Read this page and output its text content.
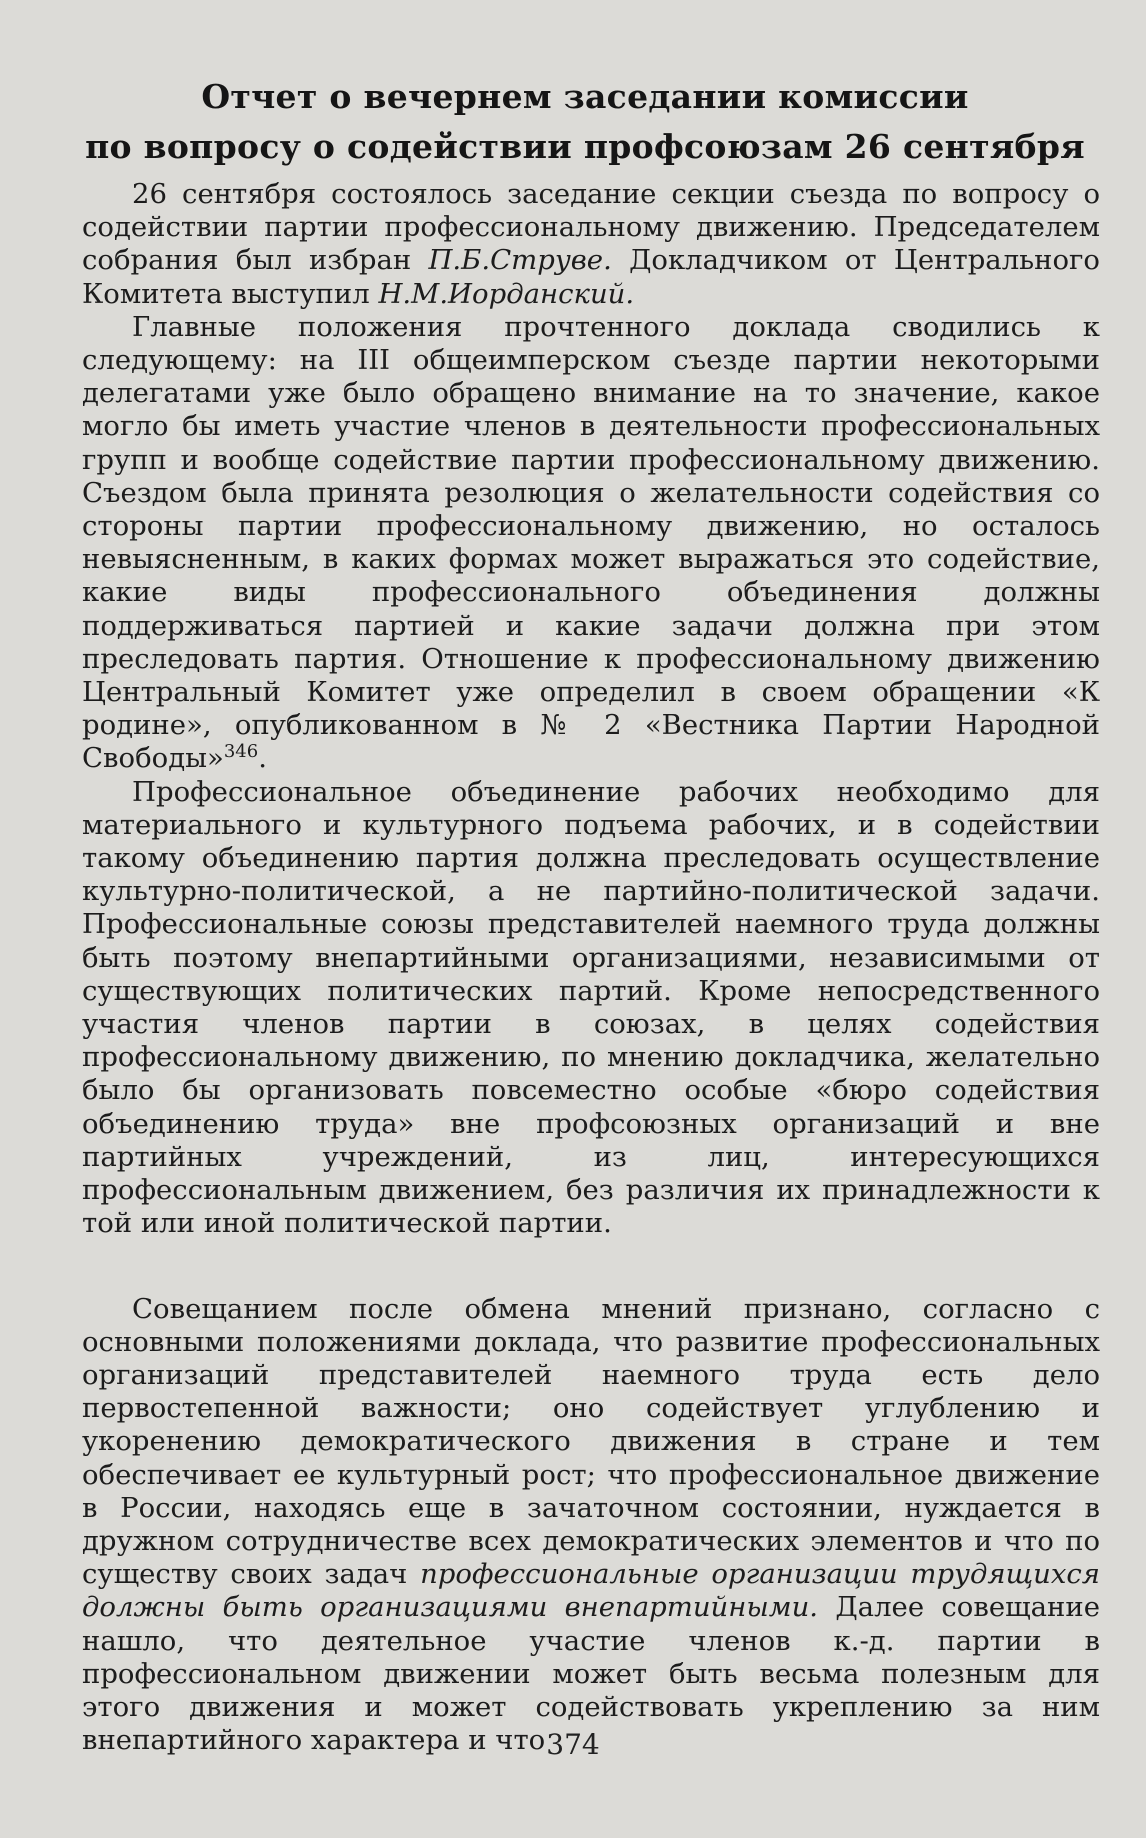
Отчет о вечернем заседании комиссии
по вопросу о содействии профсоюзам 26 сентября

26 сентября состоялось заседание секции съезда по вопросу о содействии партии профессиональному движению. Председателем собрания был избран П.Б.Струве. Докладчиком от Центрального Комитета выступил Н.М.Иорданский.

Главные положения прочтенного доклада сводились к следующему: на III общеимперском съезде партии некоторыми делегатами уже было обращено внимание на то значение, какое могло бы иметь участие членов в деятельности профессиональных групп и вообще содействие партии профессиональному движению. Съездом была принята резолюция о желательности содействия со стороны партии профессиональному движению, но осталось невыясненным, в каких формах может выражаться это содействие, какие виды профессионального объединения должны поддерживаться партией и какие задачи должна при этом преследовать партия. Отношение к профессиональному движению Центральный Комитет уже определил в своем обращении «К родине», опубликованном в № 2 «Вестника Партии Народной Свободы»$^{346}$.

Профессиональное объединение рабочих необходимо для материального и культурного подъема рабочих, и в содействии такому объединению партия должна преследовать осуществление культурно-политической, а не партийно-политической задачи. Профессиональные союзы представителей наемного труда должны быть поэтому внепартийными организациями, независимыми от существующих политических партий. Кроме непосредственного участия членов партии в союзах, в целях содействия профессиональному движению, по мнению докладчика, желательно было бы организовать повсеместно особые «бюро содействия объединению труда» вне профсоюзных организаций и вне партийных учреждений, из лиц, интересующихся профессиональным движением, без различия их принадлежности к той или иной политической партии.

Совещанием после обмена мнений признано, согласно с основными положениями доклада, что развитие профессиональных организаций представителей наемного труда есть дело первостепенной важности; оно содействует углублению и укоренению демократического движения в стране и тем обеспечивает ее культурный рост; что профессиональное движение в России, находясь еще в зачаточном состоянии, нуждается в дружном сотрудничестве всех демократических элементов и что по существу своих задач профессиональные организации трудящихся должны быть организациями внепартийными. Далее совещание нашло, что деятельное участие членов к.-д. партии в профессиональном движении может быть весьма полезным для этого движения и может содействовать укреплению за ним внепартийного характера и что 374
